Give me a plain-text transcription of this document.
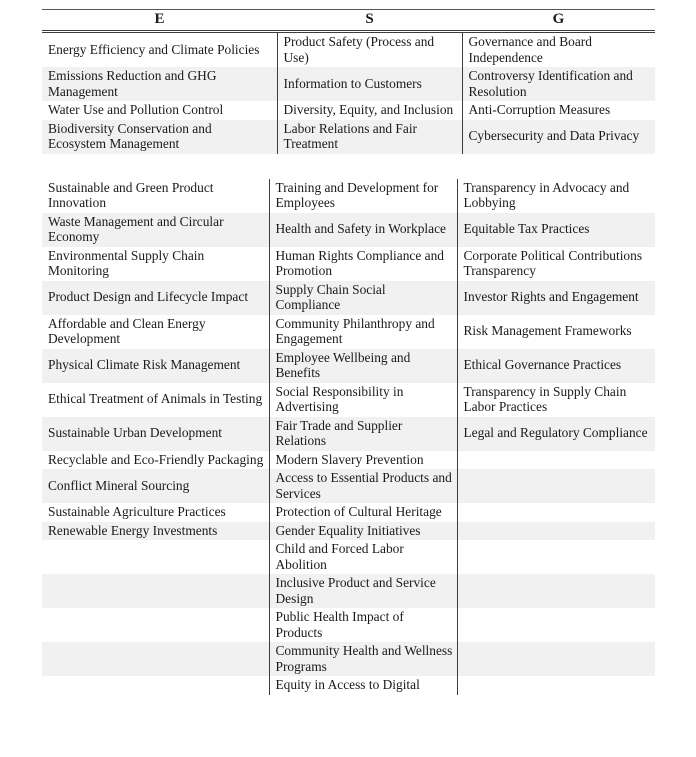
E	S	G
Energy Efficiency and Climate Policies	Product Safety (Process and Use)	Governance and Board Independence
Emissions Reduction and GHG Management	Information to Customers	Controversy Identification and Resolution
Water Use and Pollution Control	Diversity, Equity, and Inclusion	Anti-Corruption Measures
Biodiversity Conservation and Ecosystem Management	Labor Relations and Fair Treatment	Cybersecurity and Data Privacy
Sustainable and Green Product Innovation	Training and Development for Employees	Transparency in Advocacy and Lobbying
Waste Management and Circular Economy	Health and Safety in Workplace	Equitable Tax Practices
Environmental Supply Chain Monitoring	Human Rights Compliance and Promotion	Corporate Political Contributions Transparency
Product Design and Lifecycle Impact	Supply Chain Social Compliance	Investor Rights and Engagement
Affordable and Clean Energy Development	Community Philanthropy and Engagement	Risk Management Frameworks
Physical Climate Risk Management	Employee Wellbeing and Benefits	Ethical Governance Practices
Ethical Treatment of Animals in Testing	Social Responsibility in Advertising	Transparency in Supply Chain Labor Practices
Sustainable Urban Development	Fair Trade and Supplier Relations	Legal and Regulatory Compliance
Recyclable and Eco-Friendly Packaging	Modern Slavery Prevention	
Conflict Mineral Sourcing	Access to Essential Products and Services	
Sustainable Agriculture Practices	Protection of Cultural Heritage	
Renewable Energy Investments	Gender Equality Initiatives	
	Child and Forced Labor Abolition	
	Inclusive Product and Service Design	
	Public Health Impact of Products	
	Community Health and Wellness Programs	
	Equity in Access to Digital	
